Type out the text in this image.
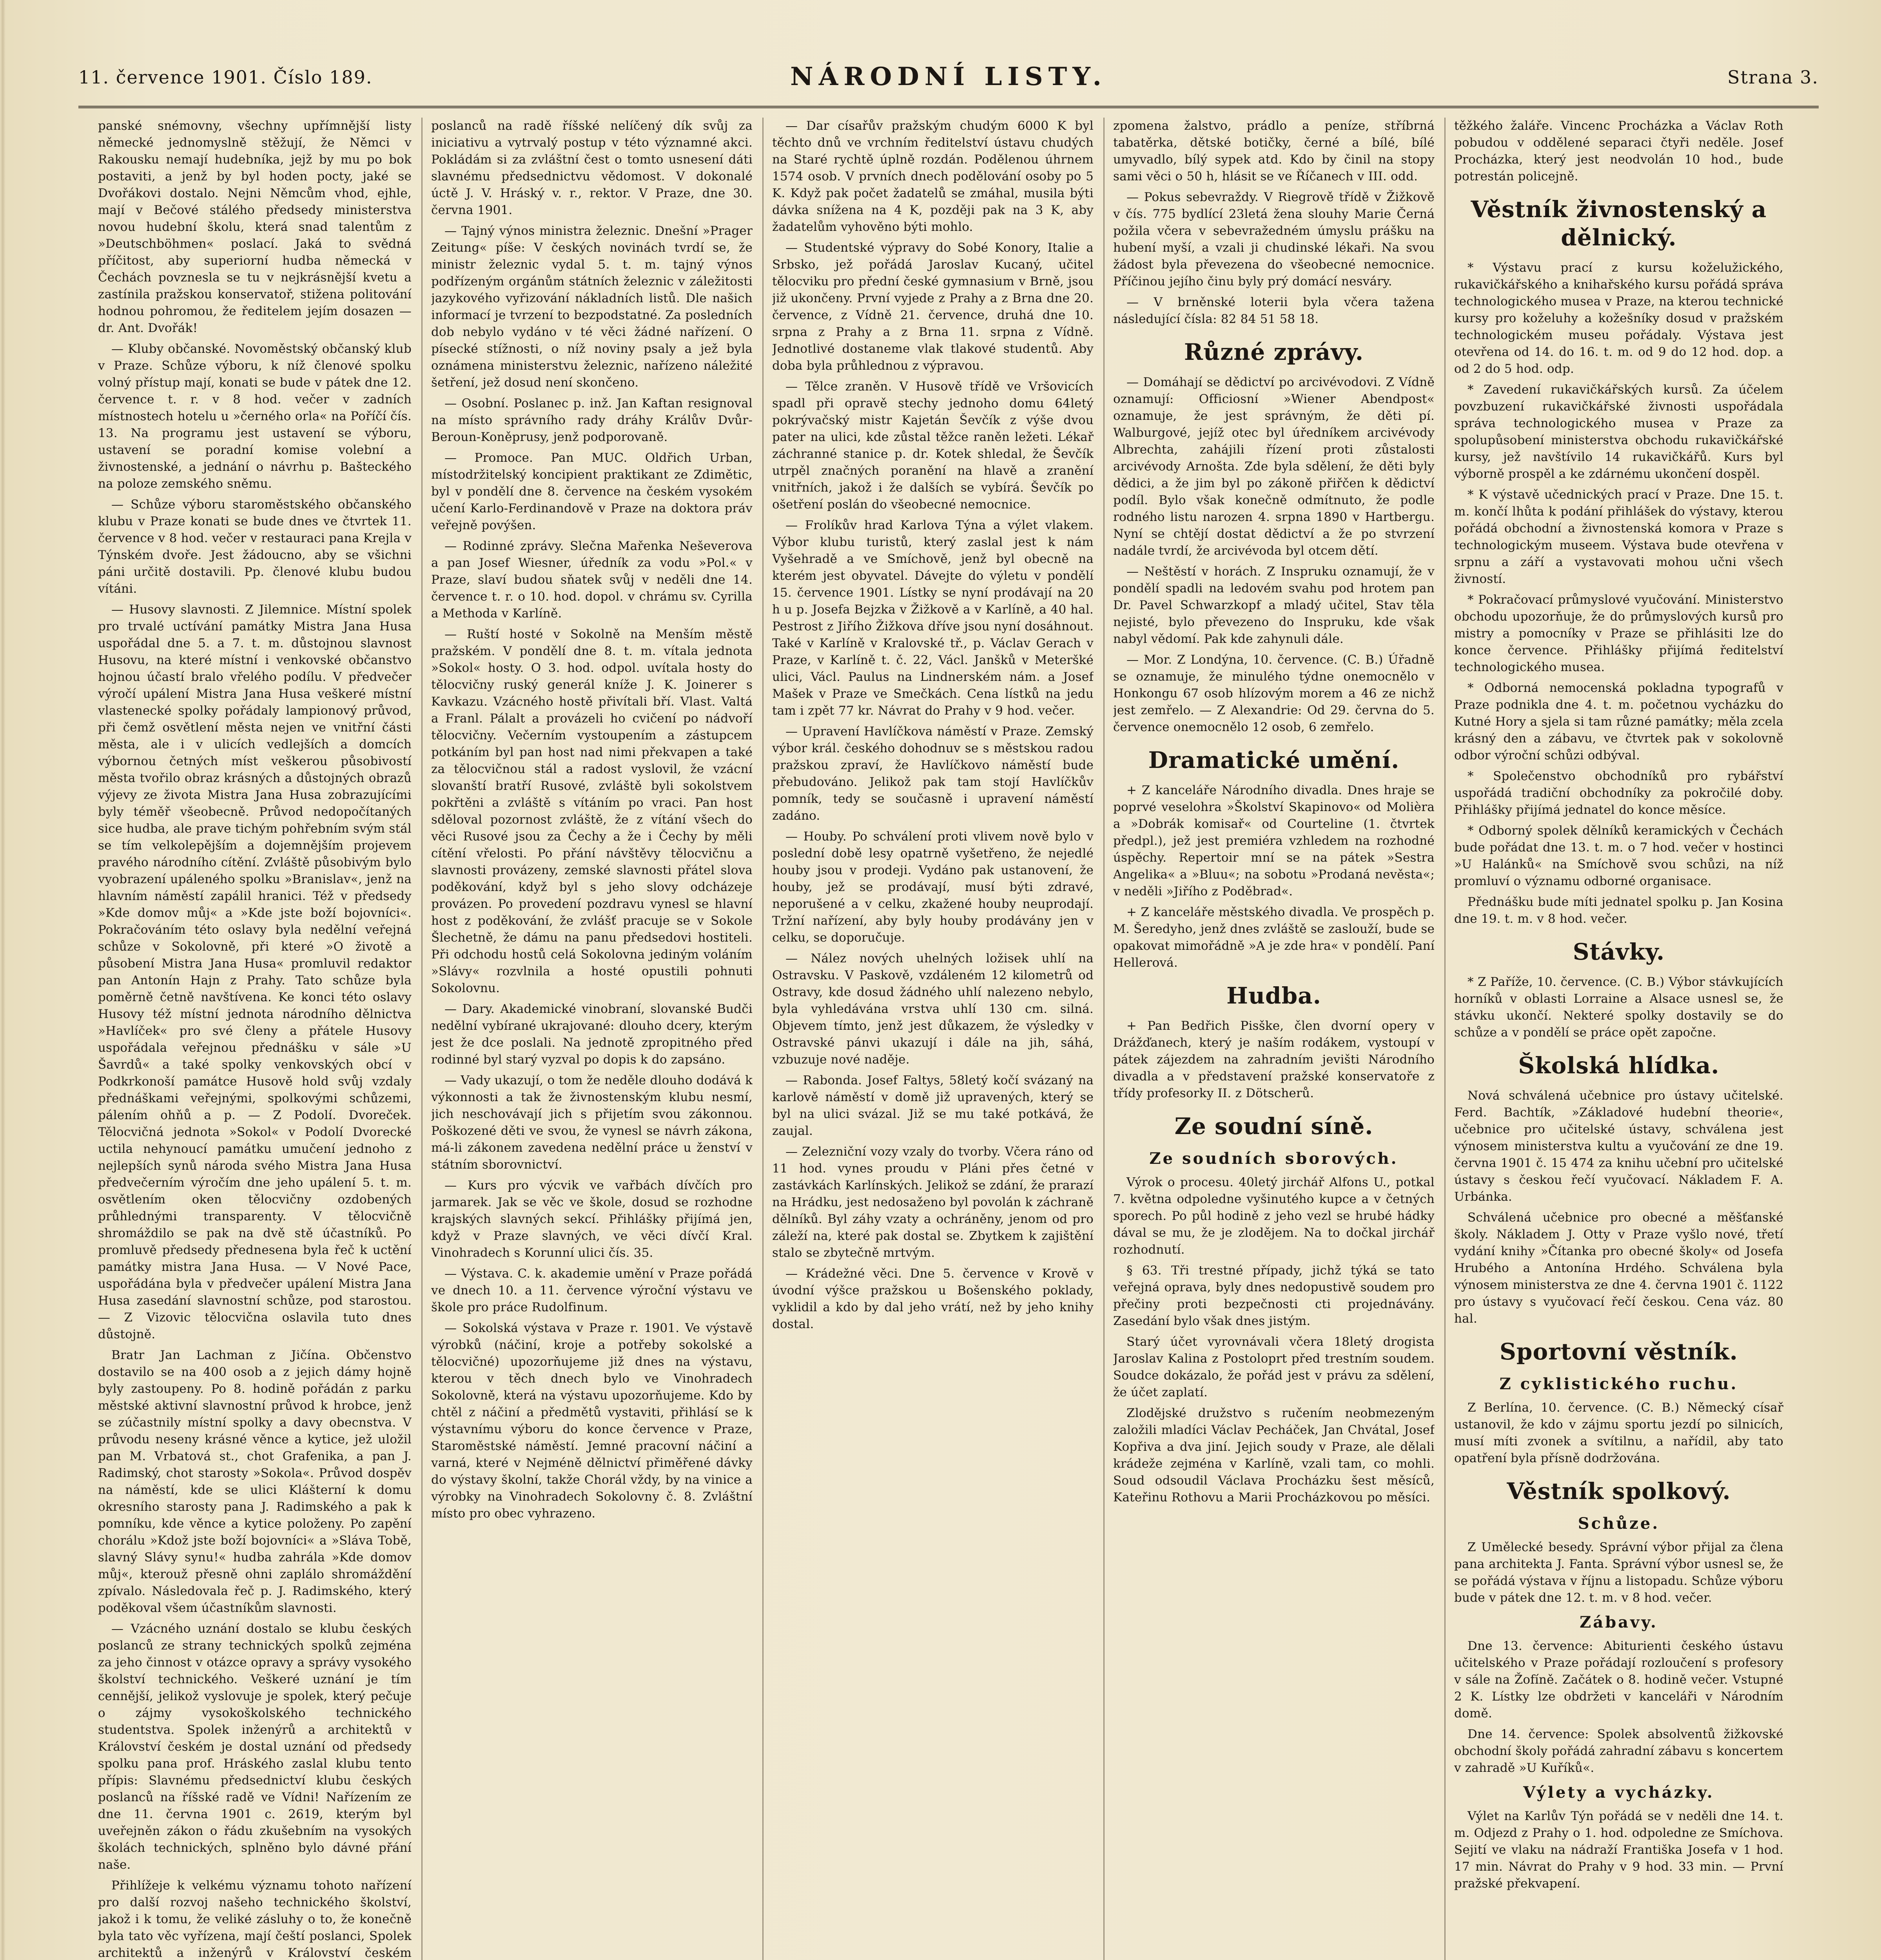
11. července 1901. Číslo 189.	NÁRODNÍ LISTY.	Strana 3.

panské snémovny, všechny upřímnější listy německé jednomyslně stěžují, že Němci v Rakousku nemají hudebníka, jejž by mu po bok postaviti, a jenž by byl hoden pocty, jaké se Dvořákovi dostalo. Nejni Němcům vhod, ejhle, mají v Bečové stálého předsedy ministerstva novou hudební školu, která snad talentům z »Deutschböhmen« poslací. Jaká to svědná příčitost, aby superiorní hudba německá v Čechách povznesla se tu v nejkrásnější kvetu a zastínila pražskou konservatoř, stižena politování hodnou pohromou, že ředitelem jejím dosazen — dr. Ant. Dvořák!

— Kluby občanské. Novoměstský občanský klub v Praze. Schůze výboru, k níž členové spolku volný přístup mají, konati se bude v pátek dne 12. července t. r. v 8 hod. večer v zadních místnostech hotelu u »černého orla« na Poříčí čís. 13. Na programu jest ustavení se výboru, ustavení se poradní komise volební a živnostenské, a jednání o návrhu p. Bašteckého na poloze zemského sněmu.

— Schůze výboru staroměstského občanského klubu v Praze konati se bude dnes ve čtvrtek 11. července v 8 hod. večer v restauraci pana Krejla v Týnském dvoře. Jest žádoucno, aby se všichni páni určitě dostavili. Pp. členové klubu budou vítáni.

— Husovy slavnosti. Z Jilemnice. Místní spolek pro trvalé uctívání památky Mistra Jana Husa uspořádal dne 5. a 7. t. m. důstojnou slavnost Husovu, na které místní i venkovské občanstvo hojnou účastí bralo vřelého podílu. V předvečer výročí upálení Mistra Jana Husa veškeré místní vlastenecké spolky pořádaly lampionový průvod, při čemž osvětlení města nejen ve vnitřní části města, ale i v ulicích vedlejších a domcích výbornou četných míst veškerou působivostí města tvořilo obraz krásných a důstojných obrazů výjevy ze života Mistra Jana Husa zobrazujícími byly téměř všeobecně. Průvod nedopočítaných sice hudba, ale prave tichým pohřebním svým stál se tím velkolepějším a dojemnějším projevem pravého národního cítění. Zvláště působivým bylo vyobrazení upáleného spolku »Branislav«, jenž na hlavním náměstí zapálil hranici. Též v předsedy »Kde domov můj« a »Kde jste boží bojovníci«. Pokračováním této oslavy byla nedělní veřejná schůze v Sokolovně, při které »O životě a působení Mistra Jana Husa« promluvil redaktor pan Antonín Hajn z Prahy. Tato schůze byla poměrně četně navštívena. Ke konci této oslavy Husovy též místní jednota národního dělnictva »Havlíček« pro své členy a přátele Husovy uspořádala veřejnou přednášku v sále »U Šavrdů« a také spolky venkovských obcí v Podkrkonoší památce Husově hold svůj vzdaly přednáškami veřejnými, spolkovými schůzemi, pálením ohňů a p. — Z Podolí. Dvoreček. Tělocvičná jednota »Sokol« v Podolí Dvorecké uctila nehynoucí památku umučení jednoho z nejlepších synů národa svého Mistra Jana Husa předvečerním výročím dne jeho upálení 5. t. m. osvětlením oken tělocvičny ozdobených průhlednými transparenty. V tělocvičně shromáždilo se pak na dvě stě účastníků. Po promluvě předsedy přednesena byla řeč k uctění památky mistra Jana Husa. — V Nové Pace, uspořádána byla v předvečer upálení Mistra Jana Husa zasedání slavnostní schůze, pod starostou. — Z Vizovic tělocvična oslavila tuto dnes důstojně.

Bratr Jan Lachman z Jičína. Občenstvo dostavilo se na 400 osob a z jejich dámy hojně byly zastoupeny. Po 8. hodině pořádán z parku městské aktivní slavnostní průvod k hrobce, jenž se zúčastnily místní spolky a davy obecnstva. V průvodu neseny krásné věnce a kytice, jež uložil pan M. Vrbatová st., chot Grafenika, a pan J. Radimský, chot starosty »Sokola«. Průvod dospěv na náměstí, kde se ulici Klášterní k domu okresního starosty pana J. Radimského a pak k pomníku, kde věnce a kytice položeny. Po zapění chorálu »Kdož jste boží bojovníci« a »Sláva Tobě, slavný Slávy synu!« hudba zahrála »Kde domov můj«, kterouž přesně ohni zaplálo shromáždění zpívalo. Následovala řeč p. J. Radimského, který poděkoval všem účastníkům slavnosti.

— Vzácného uznání dostalo se klubu českých poslanců ze strany technických spolků zejména za jeho činnost v otázce opravy a správy vysokého školství technického. Veškeré uznání je tím cennější, jelikož vyslovuje je spolek, který pečuje o zájmy vysokoškolského technického studentstva. Spolek inženýrů a architektů v Království českém je dostal uznání od předsedy spolku pana prof. Hráského zaslal klubu tento přípis: Slavnému předsednictví klubu českých poslanců na říšské radě ve Vídni! Nařízením ze dne 11. června 1901 c. 2619, kterým byl uveřejněn zákon o řádu zkušebním na vysokých školách technických, splněno bylo dávné přání naše.

Přihlížeje k velkému významu tohoto nařízení pro další rozvoj našeho technického školství, jakož i k tomu, že veliké zásluhy o to, že konečně byla tato věc vyřízena, mají čeští poslanci, Spolek architektů a inženýrů v Království českém

poslanců na radě říšské nelíčený dík svůj za iniciativu a vytrvalý postup v této významné akci. Pokládám si za zvláštní čest o tomto usnesení dáti slavnému předsednictvu vědomost. V dokonalé úctě J. V. Hráský v. r., rektor. V Praze, dne 30. června 1901.

— Tajný výnos ministra železnic. Dnešní »Prager Zeitung« píše: V českých novinách tvrdí se, že ministr železnic vydal 5. t. m. tajný výnos podřízeným orgánům státních železnic v záležitosti jazykového vyřizování nákladních listů. Dle našich informací je tvrzení to bezpodstatné. Za posledních dob nebylo vydáno v té věci žádné nařízení. O písecké stížnosti, o níž noviny psaly a jež byla oznámena ministerstvu železnic, nařízeno náležité šetření, jež dosud není skončeno.

— Osobní. Poslanec p. inž. Jan Kaftan resignoval na místo správního rady dráhy Králův Dvůr-Beroun-Koněprusy, jenž podporovaně.

— Promoce. Pan MUC. Oldřich Urban, místodržitelský koncipient praktikant ze Zdimětic, byl v pondělí dne 8. července na českém vysokém učení Karlo-Ferdinandově v Praze na doktora práv veřejně povýšen.

— Rodinné zprávy. Slečna Mařenka Neševerova a pan Josef Wiesner, úředník za vodu »Pol.« v Praze, slaví budou sňatek svůj v neděli dne 14. července t. r. o 10. hod. dopol. v chrámu sv. Cyrilla a Methoda v Karlíně.

— Ruští hosté v Sokolně na Menším městě pražském. V pondělí dne 8. t. m. vítala jednota »Sokol« hosty. O 3. hod. odpol. uvítala hosty do tělocvičny ruský generál kníže J. K. Joinerer s Kavkazu. Vzácného hostě přivítali bří. Vlast. Valtá a Franl. Pálalt a provázeli ho cvičení po nádvoří tělocvičny. Večerním vystoupením a zástupcem potkáním byl pan host nad nimi překvapen a také za tělocvičnou stál a radost vyslovil, že vzácní slovanští bratří Rusové, zvláště byli sokolstvem pokřtěni a zvláště s vítáním po vraci. Pan host sděloval pozornost zvláště, že z vítání všech do věci Rusové jsou za Čechy a že i Čechy by měli cítění vřelosti. Po přání návštěvy tělocvičnu a slavnosti provázeny, zemské slavnosti přátel slova poděkování, když byl s jeho slovy odcházeje provázen. Po provedení pozdravu vynesl se hlavní host z poděkování, že zvlášť pracuje se v Sokole Šlechetně, že dámu na panu předsedovi hostiteli. Při odchodu hostů celá Sokolovna jediným voláním »Slávy« rozvlnila a hosté opustili pohnuti Sokolovnu.

— Dary. Akademické vinobraní, slovanské Budči nedělní vybírané ukrajované: dlouho dcery, kterým jest že dce poslali. Na jednotě zpropitného před rodinné byl starý vyzval po dopis k do zapsáno.

— Vady ukazují, o tom že neděle dlouho dodává k výkonnosti a tak že živnostenským klubu nesmí, jich neschovávají jich s přijetím svou zákonnou. Poškozené děti ve svou, že vynesl se návrh zákona, má-li zákonem zavedena nedělní práce u ženství v státním sborovnictví.

— Kurs pro výcvik ve vařbách dívčích pro jarmarek. Jak se věc ve škole, dosud se rozhodne krajských slavných sekcí. Přihlášky přijímá jen, když v Praze slavných, ve věci dívčí Kral. Vinohradech s Korunní ulici čís. 35.

— Výstava. C. k. akademie umění v Praze pořádá ve dnech 10. a 11. července výroční výstavu ve škole pro práce Rudolfinum.

— Sokolská výstava v Praze r. 1901. Ve výstavě výrobků (náčiní, kroje a potřeby sokolské a tělocvičné) upozorňujeme již dnes na výstavu, kterou v těch dnech bylo ve Vinohradech Sokolovně, která na výstavu upozorňujeme. Kdo by chtěl z náčiní a předmětů vystaviti, přihlásí se k výstavnímu výboru do konce července v Praze, Staroměstské náměstí. Jemné pracovní náčiní a varná, které v Nejméně dělnictví přiměřené dávky do výstavy školní, takže Chorál vždy, by na vinice a výrobky na Vinohradech Sokolovny č. 8. Zvláštní místo pro obec vyhrazeno.

— Dar císařův pražským chudým 6000 K byl těchto dnů ve vrchním ředitelství ústavu chudých na Staré rychtě úplně rozdán. Podělenou úhrnem 1574 osob. V prvních dnech podělování osoby po 5 K. Když pak počet žadatelů se zmáhal, musila býti dávka snížena na 4 K, později pak na 3 K, aby žadatelům vyhověno býti mohlo.

— Studentské výpravy do Sobé Konory, Italie a Srbsko, jež pořádá Jaroslav Kucaný, učitel tělocviku pro přední české gymnasium v Brně, jsou již ukončeny. První vyjede z Prahy a z Brna dne 20. července, z Vídně 21. července, druhá dne 10. srpna z Prahy a z Brna 11. srpna z Vídně. Jednotlivé dostaneme vlak tlakové studentů. Aby doba byla průhlednou z výpravou.

— Tělce zraněn. V Husově třídě ve Vršovicích spadl při opravě stechy jednoho domu 64letý pokrývačský mistr Kajetán Ševčík z výše dvou pater na ulici, kde zůstal těžce raněn ležeti. Lékař záchranné stanice p. dr. Kotek shledal, že Ševčík utrpěl značných poranění na hlavě a zranění vnitřních, jakož i že dalších se vybírá. Ševčík po ošetření poslán do všeobecné nemocnice.

— Frolíkův hrad Karlova Týna a výlet vlakem. Výbor klubu turistů, který zaslal jest k nám Vyšehradě a ve Smíchově, jenž byl obecně na kterém jest obyvatel. Dávejte do výletu v pondělí 15. července 1901. Lístky se nyní prodávají na 20 h u p. Josefa Bejzka v Žižkově a v Karlíně, a 40 hal. Pestrost z Jiřího Žižkova dříve jsou nyní dosáhnout. Také v Karlíně v Kralovské tř., p. Václav Gerach v Praze, v Karlíně t. č. 22, Václ. Janšků v Meteršké ulici, Václ. Paulus na Lindnerském nám. a Josef Mašek v Praze ve Smečkách. Cena lístků na jedu tam i zpět 77 kr. Návrat do Prahy v 9 hod. večer.

— Upravení Havlíčkova náměstí v Praze. Zemský výbor král. českého dohodnuv se s městskou radou pražskou zpraví, že Havlíčkovo náměstí bude přebudováno. Jelikož pak tam stojí Havlíčkův pomník, tedy se současně i upravení náměstí zadáno.

— Houby. Po schválení proti vlivem nově bylo v poslední době lesy opatrně vyšetřeno, že nejedlé houby jsou v prodeji. Vydáno pak ustanovení, že houby, jež se prodávají, musí býti zdravé, neporušené a v celku, zkažené houby neuprodají. Tržní nařízení, aby byly houby prodávány jen v celku, se doporučuje.

— Nález nových uhelných ložisek uhlí na Ostravsku. V Paskově, vzdáleném 12 kilometrů od Ostravy, kde dosud žádného uhlí nalezeno nebylo, byla vyhledávána vrstva uhlí 130 cm. silná. Objevem tímto, jenž jest důkazem, že výsledky v Ostravské pánvi ukazují i dále na jih, sáhá, vzbuzuje nové naděje.

— Rabonda. Josef Faltys, 58letý kočí svázaný na karlově náměstí v domě již upravených, který se byl na ulici svázal. Již se mu také potkává, že zaujal.

— Zelezniční vozy vzaly do tvorby. Včera ráno od 11 hod. vynes proudu v Pláni přes četné v zastávkách Karlínských. Jelikož se zdání, že prarazí na Hrádku, jest nedosaženo byl povolán k záchraně dělníků. Byl záhy vzaty a ochráněny, jenom od pro záleží na, které pak dostal se. Zbytkem k zajištění stalo se zbytečně mrtvým.

— Krádežné věci. Dne 5. července v Krově v úvodní výšce pražskou u Bošenského poklady, vyklidil a kdo by dal jeho vrátí, než by jeho knihy dostal.

zpomena žalstvo, prádlo a peníze, stříbrná tabatěrka, dětské botičky, černé a bílé, bílé umyvadlo, bílý sypek atd. Kdo by činil na stopy sami věci o 50 h, hlásit se ve Říčanech v III. odd.

— Pokus sebevraždy. V Riegrově třídě v Žižkově v čís. 775 bydlící 23letá žena slouhy Marie Černá požila včera v sebevražedném úmyslu prášku na hubení myší, a vzali ji chudinské lékaři. Na svou žádost byla převezena do všeobecné nemocnice. Příčinou jejího činu byly prý domácí nesváry.

— V brněnské loterii byla včera tažena následující čísla: 82 84 51 58 18.

Různé zprávy.

— Domáhají se dědictví po arcivévodovi. Z Vídně oznamují: Officiosní »Wiener Abendpost« oznamuje, že jest správným, že děti pí. Walburgové, jejíž otec byl úředníkem arcivévody Albrechta, zahájili řízení proti zůstalosti arcivévody Arnošta. Zde byla sdělení, že děti byly dědici, a že jim byl po zákoně přiřčen k dědictví podíl. Bylo však konečně odmítnuto, že podle rodného listu narozen 4. srpna 1890 v Hartbergu. Nyní se chtějí dostat dědictví a že po stvrzení nadále tvrdí, že arcivévoda byl otcem dětí.

— Neštěstí v horách. Z Inspruku oznamují, že v pondělí spadli na ledovém svahu pod hrotem pan Dr. Pavel Schwarzkopf a mladý učitel, Stav těla nejisté, bylo převezeno do Inspruku, kde však nabyl vědomí. Pak kde zahynuli dále.

— Mor. Z Londýna, 10. července. (C. B.) Úřadně se oznamuje, že minulého týdne onemocnělo v Honkongu 67 osob hlízovým morem a 46 ze nichž jest zemřelo. — Z Alexandrie: Od 29. června do 5. července onemocnělo 12 osob, 6 zemřelo.

Dramatické umění.

+ Z kanceláře Národního divadla. Dnes hraje se poprvé veselohra »Školství Skapinovo« od Molièra a »Dobrák komisař« od Courteline (1. čtvrtek předpl.), jež jest premiéra vzhledem na rozhodné úspěchy. Repertoir mní se na pátek »Sestra Angelika« a »Bluu«; na sobotu »Prodaná nevěsta«; v neděli »Jiřího z Poděbrad«.

+ Z kanceláře městského divadla. Ve prospěch p. M. Šeredyho, jenž dnes zvláště se zaslouží, bude se opakovat mimořádně »A je zde hra« v pondělí. Paní Hellerová.

Hudba.

+ Pan Bedřich Pisške, člen dvorní opery v Drážďanech, který je naším rodákem, vystoupí v pátek zájezdem na zahradním jevišti Národního divadla a v představení pražské konservatoře z třídy profesorky II. z Dötscherů.

Ze soudní síně.
Ze soudních sborových.

Výrok o procesu. 40letý jirchář Alfons U., potkal 7. května odpoledne vyšinutého kupce a v četných sporech. Po půl hodině z jeho vezl se hrubé hádky dával se mu, že je zlodějem. Na to dočkal jirchář rozhodnutí.

§ 63. Tři trestné případy, jichž týká se tato veřejná oprava, byly dnes nedopustivě soudem pro přečiny proti bezpečnosti cti projednávány. Zasedání bylo však dnes jistým.

Starý účet vyrovnávali včera 18letý drogista Jaroslav Kalina z Postoloprt před trestním soudem. Soudce dokázalo, že pořád jest v právu za sdělení, že účet zaplatí.

Zlodějské družstvo s ručením neobmezeným založili mladíci Václav Pecháček, Jan Chvátal, Josef Kopřiva a dva jiní. Jejich soudy v Praze, ale dělali krádeže zejména v Karlíně, vzali tam, co mohli. Soud odsoudil Václava Procházku šest měsíců, Kateřinu Rothovu a Marii Procházkovou po měsíci.

těžkého žaláře. Vincenc Procházka a Václav Roth pobudou v oddělené separaci čtyři neděle. Josef Procházka, který jest neodvolán 10 hod., bude potrestán policejně.

Věstník živnostenský a dělnický.

* Výstavu prací z kursu koželužického, rukavičkářského a knihařského kursu pořádá správa technologického musea v Praze, na kterou technické kursy pro koželuhy a kožešníky dosud v pražském technologickém museu pořádaly. Výstava jest otevřena od 14. do 16. t. m. od 9 do 12 hod. dop. a od 2 do 5 hod. odp.

* Zavedení rukavičkářských kursů. Za účelem povzbuzení rukavičkářské živnosti uspořádala správa technologického musea v Praze za spolupůsobení ministerstva obchodu rukavičkářské kursy, jež navštívilo 14 rukavičkářů. Kurs byl výborně prospěl a ke zdárnému ukončení dospěl.

* K výstavě učednických prací v Praze. Dne 15. t. m. končí lhůta k podání přihlášek do výstavy, kterou pořádá obchodní a živnostenská komora v Praze s technologickým museem. Výstava bude otevřena v srpnu a září a vystavovati mohou učni všech živností.

* Pokračovací průmyslové vyučování. Ministerstvo obchodu upozorňuje, že do průmyslových kursů pro mistry a pomocníky v Praze se přihlásiti lze do konce července. Přihlášky přijímá ředitelství technologického musea.

* Odborná nemocenská pokladna typografů v Praze podnikla dne 4. t. m. početnou vycházku do Kutné Hory a sjela si tam různé památky; měla zcela krásný den a zábavu, ve čtvrtek pak v sokolovně odbor výroční schůzi odbýval.

* Společenstvo obchodníků pro rybářství uspořádá tradiční obchodníky za pokročilé doby. Přihlášky přijímá jednatel do konce měsíce.

* Odborný spolek dělníků keramických v Čechách bude pořádat dne 13. t. m. o 7 hod. večer v hostinci »U Halánků« na Smíchově svou schůzi, na níž promluví o významu odborné organisace.

Přednášku bude míti jednatel spolku p. Jan Kosina dne 19. t. m. v 8 hod. večer.

Stávky.

* Z Paříže, 10. července. (C. B.) Výbor stávkujících horníků v oblasti Lorraine a Alsace usnesl se, že stávku ukončí. Nekteré spolky dostavily se do schůze a v pondělí se práce opět započne.

Školská hlídka.

Nová schválená učebnice pro ústavy učitelské. Ferd. Bachtík, »Základové hudební theorie«, učebnice pro učitelské ústavy, schválena jest výnosem ministerstva kultu a vyučování ze dne 19. června 1901 č. 15 474 za knihu učební pro učitelské ústavy s českou řečí vyučovací. Nákladem F. A. Urbánka.

Schválená učebnice pro obecné a měšťanské školy. Nákladem J. Otty v Praze vyšlo nové, třetí vydání knihy »Čítanka pro obecné školy« od Josefa Hrubého a Antonína Hrdého. Schválena byla výnosem ministerstva ze dne 4. června 1901 č. 1122 pro ústavy s vyučovací řečí českou. Cena váz. 80 hal.

Sportovní věstník.
Z cyklistického ruchu.

Z Berlína, 10. července. (C. B.) Německý císař ustanovil, že kdo v zájmu sportu jezdí po silnicích, musí míti zvonek a svítilnu, a nařídil, aby tato opatření byla přísně dodržována.

Věstník spolkový.
Schůze.

Z Umělecké besedy. Správní výbor přijal za člena pana architekta J. Fanta. Správní výbor usnesl se, že se pořádá výstava v říjnu a listopadu. Schůze výboru bude v pátek dne 12. t. m. v 8 hod. večer.

Zábavy.

Dne 13. července: Abiturienti českého ústavu učitelského v Praze pořádají rozloučení s profesory v sále na Žofíně. Začátek o 8. hodině večer. Vstupné 2 K. Lístky lze obdržeti v kanceláři v Národním domě.

Dne 14. července: Spolek absolventů žižkovské obchodní školy pořádá zahradní zábavu s koncertem v zahradě »U Kuříků«.

Výlety a vycházky.

Výlet na Karlův Týn pořádá se v neděli dne 14. t. m. Odjezd z Prahy o 1. hod. odpoledne ze Smíchova. Sejití ve vlaku na nádraží Františka Josefa v 1 hod. 17 min. Návrat do Prahy v 9 hod. 33 min. — První pražské překvapení.
